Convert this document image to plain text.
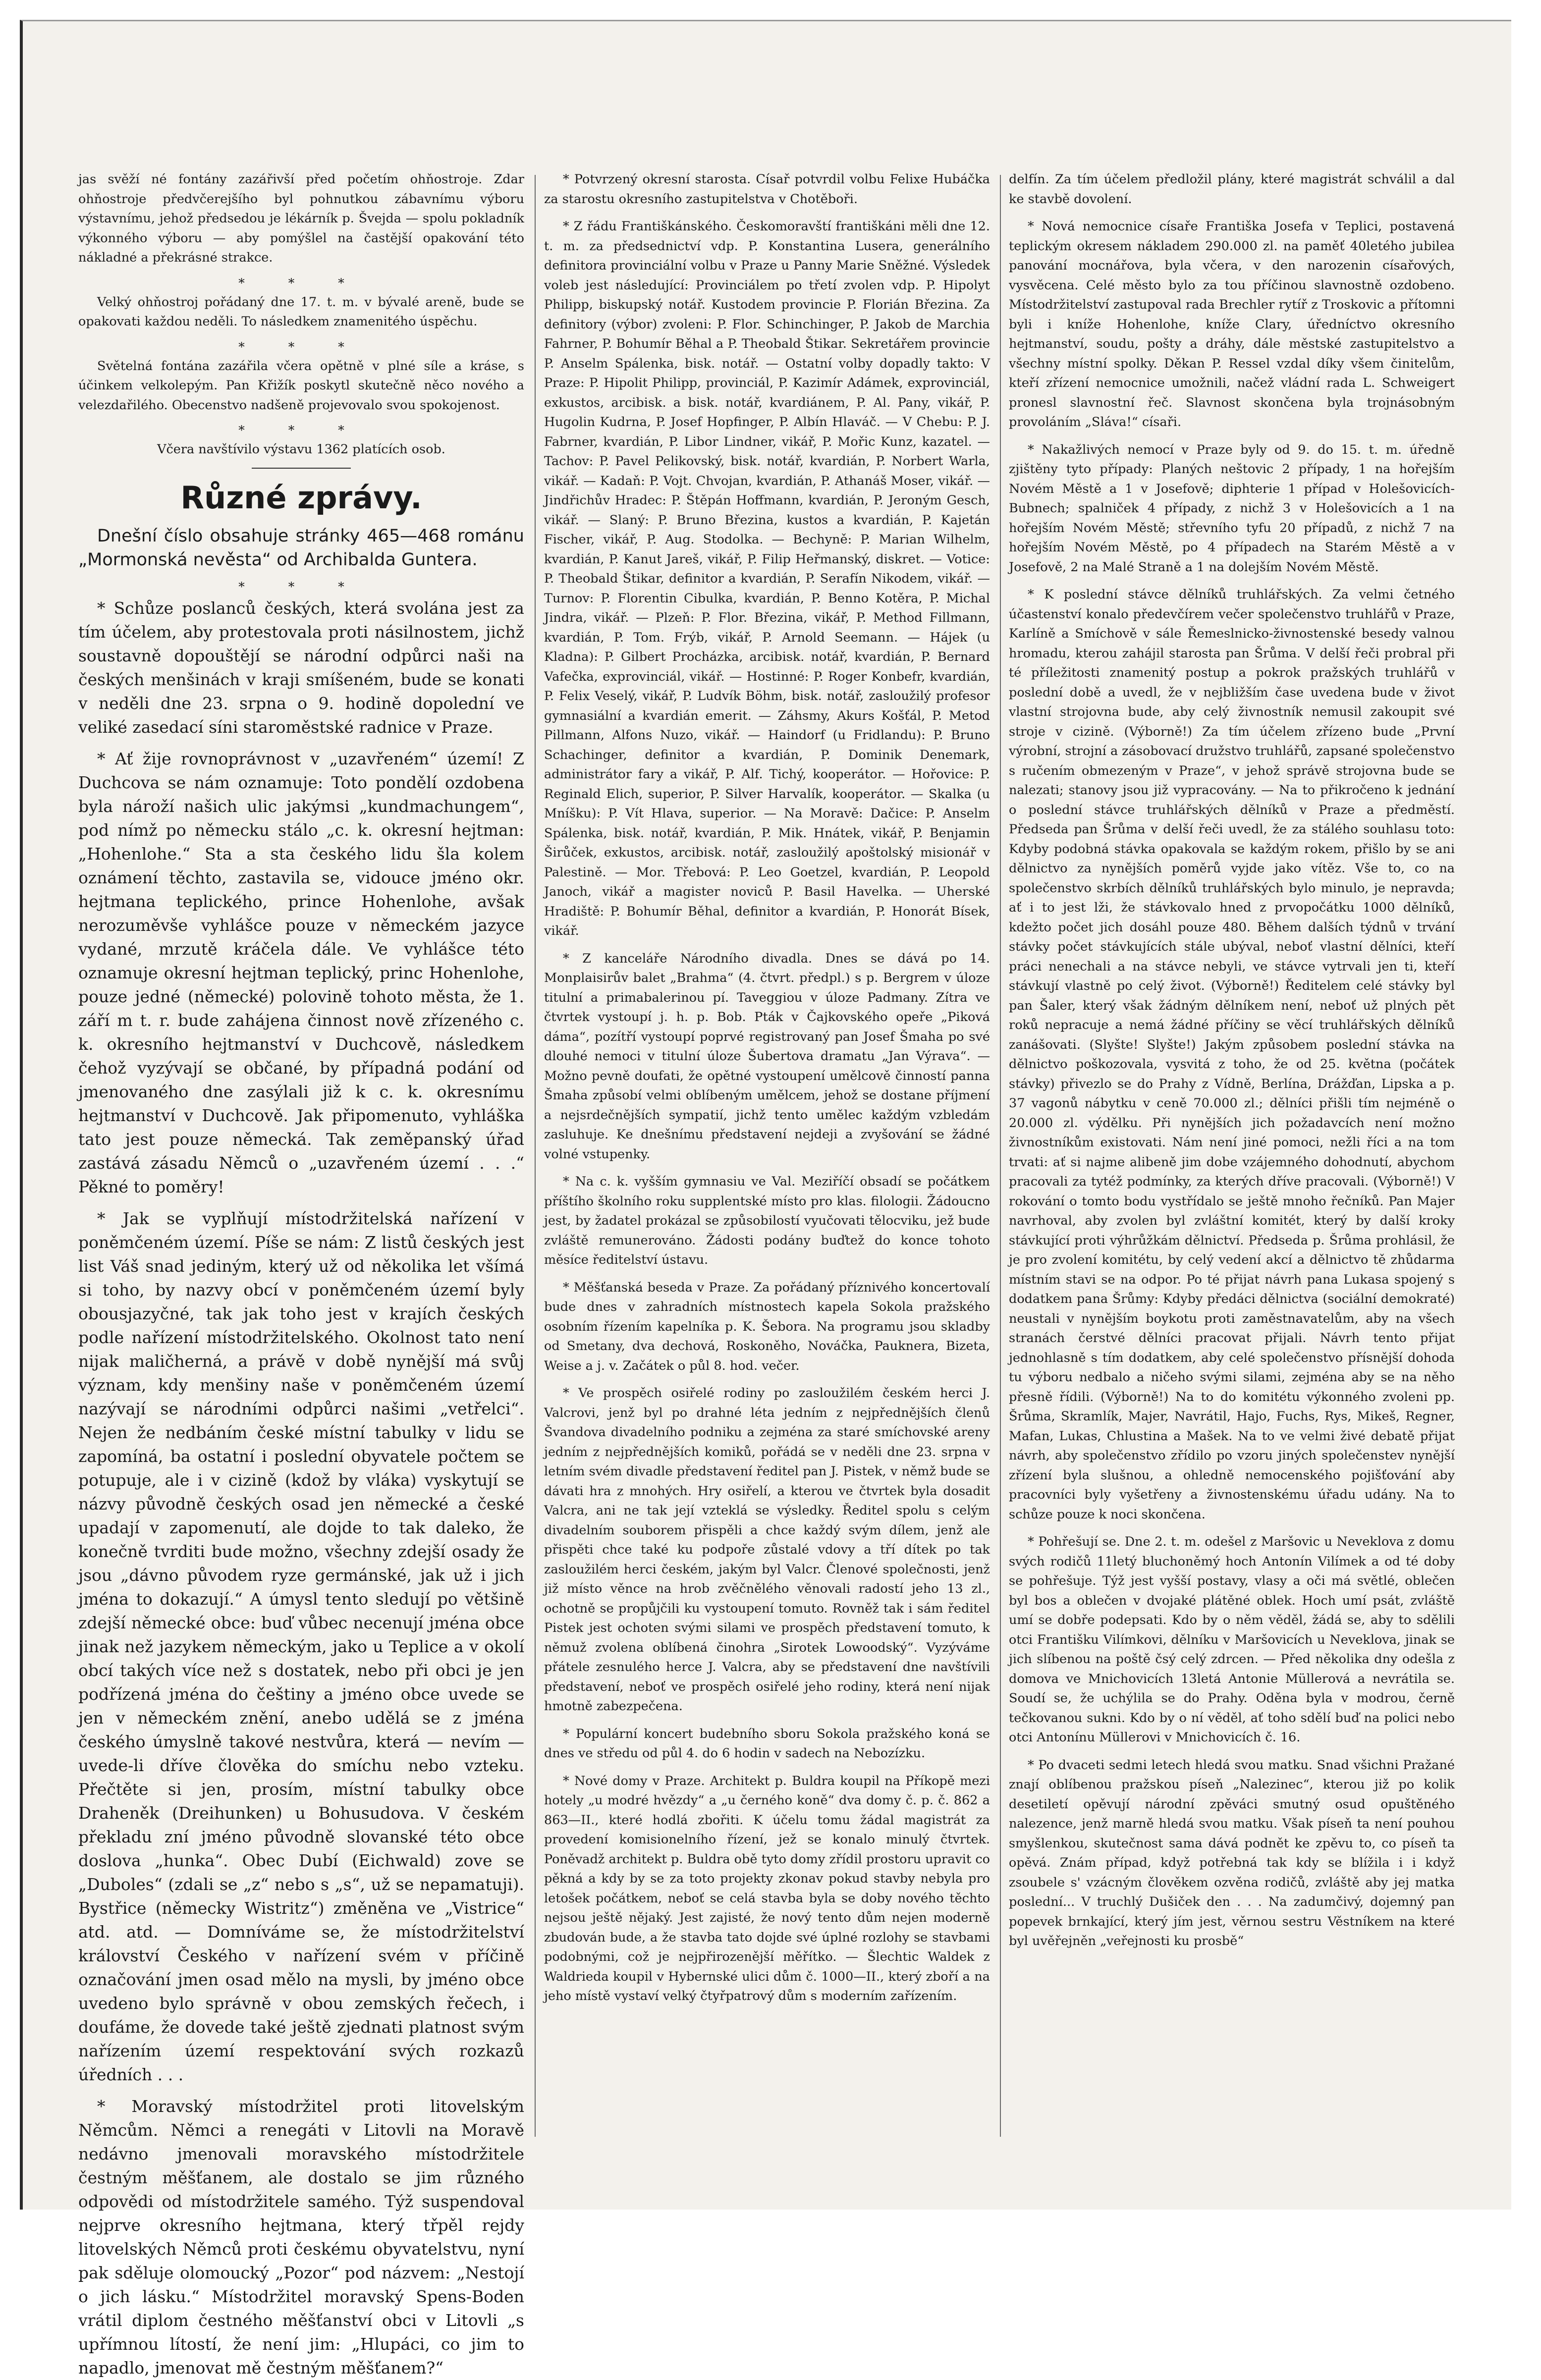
jas svěží né fontány zazářivší před početím ohňostroje. Zdar ohňostroje předvčerejšího byl pohnutkou zábavnímu výboru výstavnímu, jehož předsedou je lékárník p. Švejda — spolu pokladník výkonného výboru — aby pomýšlel na častější opakování této nákladné a překrásné strakce.

* * *

Velký ohňostroj pořádaný dne 17. t. m. v bývalé areně, bude se opakovati každou neděli. To následkem znamenitého úspěchu.

* * *

Světelná fontána zazářila včera opětně v plné síle a kráse, s účinkem velkolepým. Pan Křižík poskytl skutečně něco nového a velezdařilého. Obecenstvo nadšeně projevovalo svou spokojenost.

* * *

Včera navštívilo výstavu 1362 platících osob.

Různé zprávy.

Dnešní číslo obsahuje stránky 465—468 románu „Mormonská nevěsta“ od Archibalda Guntera.

* * *

* Schůze poslanců českých, která svolána jest za tím účelem, aby protestovala proti násilnostem, jichž soustavně dopouštějí se národní odpůrci naši na českých menšinách v kraji smíšeném, bude se konati v neděli dne 23. srpna o 9. hodině dopolední ve veliké zasedací síni staroměstské radnice v Praze.

* Ať žije rovnoprávnost v „uzavřeném“ území! Z Duchcova se nám oznamuje: Toto pondělí ozdobena byla nároží našich ulic jakýmsi „kundmachungem“, pod nímž po německu stálo „c. k. okresní hejtman: „Hohenlohe.“ Sta a sta českého lidu šla kolem oznámení těchto, zastavila se, vidouce jméno okr. hejtmana teplického, prince Hohenlohe, avšak nerozuměvše vyhlášce pouze v německém jazyce vydané, mrzutě kráčela dále. Ve vyhlášce této oznamuje okresní hejtman teplický, princ Hohenlohe, pouze jedné (německé) polovině tohoto města, že 1. září m t. r. bude zahájena činnost nově zřízeného c. k. okresního hejtmanství v Duchcově, následkem čehož vyzývají se občané, by případná podání od jmenovaného dne zasýlali již k c. k. okresnímu hejtmanství v Duchcově. Jak připomenuto, vyhláška tato jest pouze německá. Tak zeměpanský úřad zastává zásadu Němců o „uzavřeném území . . .“ Pěkné to poměry!

* Jak se vyplňují místodržitelská nařízení v poněmčeném území. Píše se nám: Z listů českých jest list Váš snad jediným, který už od několika let všímá si toho, by nazvy obcí v poněmčeném území byly obousjazyčné, tak jak toho jest v krajích českých podle nařízení místodržitelského. Okolnost tato není nijak maličherná, a právě v době nynější má svůj význam, kdy menšiny naše v poněmčeném území nazývají se národními odpůrci našimi „vetřelci“. Nejen že nedbáním české místní tabulky v lidu se zapomíná, ba ostatní i poslední obyvatele počtem se potupuje, ale i v cizině (kdož by vláka) vyskytují se názvy původně českých osad jen německé a české upadají v zapomenutí, ale dojde to tak daleko, že konečně tvrditi bude možno, všechny zdejší osady že jsou „dávno původem ryze germánské, jak už i jich jména to dokazují.“ A úmysl tento sledují po většině zdejší německé obce: buď vůbec necenují jména obce jinak než jazykem německým, jako u Teplice a v okolí obcí takých více než s dostatek, nebo při obci je jen podřízená jména do češtiny a jméno obce uvede se jen v německém znění, anebo udělá se z jména českého úmyslně takové nestvůra, která — nevím — uvede-li dříve člověka do smíchu nebo vzteku. Přečtěte si jen, prosím, místní tabulky obce Draheněk (Dreihunken) u Bohusudova. V českém překladu zní jméno původně slovanské této obce doslova „hunka“. Obec Dubí (Eichwald) zove se „Duboles“ (zdali se „z“ nebo s „s“, už se nepamatuji). Bystřice (německy Wistritz“) změněna ve „Vistrice“ atd. atd. — Domníváme se, že místodržitelství království Českého v nařízení svém v příčině označování jmen osad mělo na mysli, by jméno obce uvedeno bylo správně v obou zemských řečech, i doufáme, že dovede také ještě zjednati platnost svým nařízením území respektování svých rozkazů úředních . . .

* Moravský místodržitel proti litovelským Němcům. Němci a renegáti v Litovli na Moravě nedávno jmenovali moravského místodržitele čestným měšťanem, ale dostalo se jim různého odpovědi od místodržitele samého. Týž suspendoval nejprve okresního hejtmana, který třpěl rejdy litovelských Němců proti českému obyvatelstvu, nyní pak sděluje olomoucký „Pozor“ pod názvem: „Nestojí o jich lásku.“ Místodržitel moravský Spens-Boden vrátil diplom čestného měšťanství obci v Litovli „s upřímnou lítostí, že není jim: „Hlupáci, co jim to napadlo, jmenovat mě čestným měšťanem?“

* Potvrzený okresní starosta. Císař potvrdil volbu Felixe Hubáčka za starostu okresního zastupitelstva v Chotěboři.

* Z řádu Františkánského. Českomoravští františkáni měli dne 12. t. m. za předsednictví vdp. P. Konstantina Lusera, generálního definitora provinciální volbu v Praze u Panny Marie Sněžné. Výsledek voleb jest následující: Provinciálem po třetí zvolen vdp. P. Hipolyt Philipp, biskupský notář. Kustodem provincie P. Florián Březina. Za definitory (výbor) zvoleni: P. Flor. Schinchinger, P. Jakob de Marchia Fahrner, P. Bohumír Běhal a P. Theobald Štikar. Sekretářem provincie P. Anselm Spálenka, bisk. notář. — Ostatní volby dopadly takto: V Praze: P. Hipolit Philipp, provinciál, P. Kazimír Adámek, exprovinciál, exkustos, arcibisk. a bisk. notář, kvardiánem, P. Al. Pany, vikář, P. Hugolin Kudrna, P. Josef Hopfinger, P. Albín Hlaváč. — V Chebu: P. J. Fabrner, kvardián, P. Libor Lindner, vikář, P. Mořic Kunz, kazatel. — Tachov: P. Pavel Pelikovský, bisk. notář, kvardián, P. Norbert Warla, vikář. — Kadaň: P. Vojt. Chvojan, kvardián, P. Athanáš Moser, vikář. — Jindřichův Hradec: P. Štěpán Hoffmann, kvardián, P. Jeroným Gesch, vikář. — Slaný: P. Bruno Březina, kustos a kvardián, P. Kajetán Fischer, vikář, P. Aug. Stodolka. — Bechyně: P. Marian Wilhelm, kvardián, P. Kanut Jareš, vikář, P. Filip Heřmanský, diskret. — Votice: P. Theobald Štikar, definitor a kvardián, P. Serafín Nikodem, vikář. — Turnov: P. Florentin Cibulka, kvardián, P. Benno Kotěra, P. Michal Jindra, vikář. — Plzeň: P. Flor. Březina, vikář, P. Method Fillmann, kvardián, P. Tom. Frýb, vikář, P. Arnold Seemann. — Hájek (u Kladna): P. Gilbert Procházka, arcibisk. notář, kvardián, P. Bernard Vafečka, exprovinciál, vikář. — Hostinné: P. Roger Konbefr, kvardián, P. Felix Veselý, vikář, P. Ludvík Böhm, bisk. notář, zasloužilý profesor gymnasiální a kvardián emerit. — Záhsmy, Akurs Košťál, P. Metod Pillmann, Alfons Nuzo, vikář. — Haindorf (u Fridlandu): P. Bruno Schachinger, definitor a kvardián, P. Dominik Denemark, administrátor fary a vikář, P. Alf. Tichý, kooperátor. — Hořovice: P. Reginald Elich, superior, P. Silver Harvalík, kooperátor. — Skalka (u Mníšku): P. Vít Hlava, superior. — Na Moravě: Dačice: P. Anselm Spálenka, bisk. notář, kvardián, P. Mik. Hnátek, vikář, P. Benjamin Širůček, exkustos, arcibisk. notář, zasloužilý apoštolský misionář v Palestině. — Mor. Třebová: P. Leo Goetzel, kvardián, P. Leopold Janoch, vikář a magister noviců P. Basil Havelka. — Uherské Hradiště: P. Bohumír Běhal, definitor a kvardián, P. Honorát Bísek, vikář.

* Z kanceláře Národního divadla. Dnes se dává po 14. Monplaisirův balet „Brahma“ (4. čtvrt. předpl.) s p. Bergrem v úloze titulní a primabalerinou pí. Taveggiou v úloze Padmany. Zítra ve čtvrtek vystoupí j. h. p. Bob. Pták v Čajkovského opeře „Piková dáma“, pozítří vystoupí poprvé registrovaný pan Josef Šmaha po své dlouhé nemoci v titulní úloze Šubertova dramatu „Jan Výrava“. — Možno pevně doufati, že opětné vystoupení umělcově činností panna Šmaha způsobí velmi oblíbeným umělcem, jehož se dostane příjmení a nejsrdečnějších sympatií, jichž tento umělec každým vzbledám zasluhuje. Ke dnešnímu představení nejdeji a zvyšování se žádné volné vstupenky.

* Na c. k. vyšším gymnasiu ve Val. Meziříčí obsadí se počátkem příštího školního roku supplentské místo pro klas. filologii. Žádoucno jest, by žadatel prokázal se způsobilostí vyučovati tělocviku, jež bude zvláště remunerováno. Žádosti podány buďtež do konce tohoto měsíce ředitelství ústavu.

* Měšťanská beseda v Praze. Za pořádaný příznivého koncertovalí bude dnes v zahradních místnostech kapela Sokola pražského osobním řízením kapelníka p. K. Šebora. Na programu jsou skladby od Smetany, dva dechová, Roskoněho, Nováčka, Pauknera, Bizeta, Weise a j. v. Začátek o půl 8. hod. večer.

* Ve prospěch osiřelé rodiny po zasloužilém českém herci J. Valcrovi, jenž byl po drahné léta jedním z nejpřednějších členů Švandova divadelního podniku a zejména za staré smíchovské areny jedním z nejpřednějších komiků, pořádá se v neděli dne 23. srpna v letním svém divadle představení ředitel pan J. Pistek, v němž bude se dávati hra z mnohých. Hry osiřelí, a kterou ve čtvrtek byla dosadit Valcra, ani ne tak její vzteklá se výsledky. Ředitel spolu s celým divadelním souborem přispěli a chce každý svým dílem, jenž ale přispěti chce také ku podpoře zůstalé vdovy a tří dítek po tak zasloužilém herci českém, jakým byl Valcr. Členové společnosti, jenž již místo věnce na hrob zvěčnělého věnovali radostí jeho 13 zl., ochotně se propůjčili ku vystoupení tomuto. Rovněž tak i sám ředitel Pistek jest ochoten svými silami ve prospěch představení tomuto, k němuž zvolena oblíbená činohra „Sirotek Lowoodský“. Vyzýváme přátele zesnulého herce J. Valcra, aby se představení dne navštívili představení, neboť ve prospěch osiřelé jeho rodiny, která není nijak hmotně zabezpečena.

* Populární koncert budebního sboru Sokola pražského koná se dnes ve středu od půl 4. do 6 hodin v sadech na Nebozízku.

* Nové domy v Praze. Architekt p. Buldra koupil na Příkopě mezi hotely „u modré hvězdy“ a „u černého koně“ dva domy č. p. č. 862 a 863—II., které hodlá zbořiti. K účelu tomu žádal magistrát za provedení komisionelního řízení, jež se konalo minulý čtvrtek. Poněvadž architekt p. Buldra obě tyto domy zřídil prostoru upravit co pěkná a kdy by se za toto projekty zkonav pokud stavby nebyla pro letošek počátkem, neboť se celá stavba byla se doby nového těchto nejsou ještě nějaký. Jest zajisté, že nový tento dům nejen moderně zbudován bude, a že stavba tato dojde své úplné rozlohy se stavbami podobnými, což je nejpřirozenější měřítko. — Šlechtic Waldek z Waldrieda koupil v Hybernské ulici dům č. 1000—II., který zboří a na jeho místě vystaví velký čtyřpatrový dům s moderním zařízením.

delfín. Za tím účelem předložil plány, které magistrát schválil a dal ke stavbě dovolení.

* Nová nemocnice císaře Františka Josefa v Teplici, postavená teplickým okresem nákladem 290.000 zl. na paměť 40letého jubilea panování mocnářova, byla včera, v den narozenin císařových, vysvěcena. Celé město bylo za tou příčinou slavnostně ozdobeno. Místodržitelství zastupoval rada Brechler rytíř z Troskovic a přítomni byli i kníže Hohenlohe, kníže Clary, úředníctvo okresního hejtmanství, soudu, pošty a dráhy, dále městské zastupitelstvo a všechny místní spolky. Děkan P. Ressel vzdal díky všem činitelům, kteří zřízení nemocnice umožnili, načež vládní rada L. Schweigert pronesl slavnostní řeč. Slavnost skončena byla trojnásobným provoláním „Sláva!“ císaři.

* Nakažlivých nemocí v Praze byly od 9. do 15. t. m. úředně zjištěny tyto případy: Planých neštovic 2 případy, 1 na hořejším Novém Městě a 1 v Josefově; diphterie 1 případ v Holešovicích-Bubnech; spalniček 4 případy, z nichž 3 v Holešovicích a 1 na hořejším Novém Městě; střevního tyfu 20 případů, z nichž 7 na hořejším Novém Městě, po 4 případech na Starém Městě a v Josefově, 2 na Malé Straně a 1 na dolejším Novém Městě.

* K poslední stávce dělníků truhlářských. Za velmi četného účastenství konalo předevčírem večer společenstvo truhlářů v Praze, Karlíně a Smíchově v sále Řemeslnicko-živnostenské besedy valnou hromadu, kterou zahájil starosta pan Šrůma. V delší řeči probral při té příležitosti znamenitý postup a pokrok pražských truhlářů v poslední době a uvedl, že v nejbližším čase uvedena bude v život vlastní strojovna bude, aby celý živnostník nemusil zakoupit své stroje v cizině. (Výborně!) Za tím účelem zřízeno bude „První výrobní, strojní a zásobovací družstvo truhlářů, zapsané společenstvo s ručením obmezeným v Praze“, v jehož správě strojovna bude se nalezati; stanovy jsou již vypracovány. — Na to přikročeno k jednání o poslední stávce truhlářských dělníků v Praze a předměstí. Předseda pan Šrůma v delší řeči uvedl, že za stálého souhlasu toto: Kdyby podobná stávka opakovala se každým rokem, přišlo by se ani dělnictvo za nynějších poměrů vyjde jako vítěz. Vše to, co na společenstvo skrbích dělníků truhlářských bylo minulo, je nepravda; ať i to jest lži, že stávkovalo hned z prvopočátku 1000 dělníků, kdežto počet jich dosáhl pouze 480. Během dalších týdnů v trvání stávky počet stávkujících stále ubýval, neboť vlastní dělníci, kteří práci nenechali a na stávce nebyli, ve stávce vytrvali jen ti, kteří stávkují vlastně po celý život. (Výborně!) Ředitelem celé stávky byl pan Šaler, který však žádným dělníkem není, neboť už plných pět roků nepracuje a nemá žádné příčiny se věcí truhlářských dělníků zanášovati. (Slyšte! Slyšte!) Jakým způsobem poslední stávka na dělnictvo poškozovala, vysvitá z toho, že od 25. května (počátek stávky) přivezlo se do Prahy z Vídně, Berlína, Drážďan, Lipska a p. 37 vagonů nábytku v ceně 70.000 zl.; dělníci přišli tím nejméně o 20.000 zl. výdělku. Při nynějších jich požadavcích není možno živnostníkům existovati. Nám není jiné pomoci, nežli říci a na tom trvati: ať si najme alibeně jim dobe vzájemného dohodnutí, abychom pracovali za tytéž podmínky, za kterých dříve pracovali. (Výborně!) V rokování o tomto bodu vystřídalo se ještě mnoho řečníků. Pan Majer navrhoval, aby zvolen byl zvláštní komitét, který by další kroky stávkující proti výhrůžkám dělnictví. Předseda p. Šrůma prohlásil, že je pro zvolení komitétu, by celý vedení akcí a dělnictvo tě zhůdarma místním stavi se na odpor. Po té přijat návrh pana Lukasa spojený s dodatkem pana Šrůmy: Kdyby předáci dělnictva (sociální demokraté) neustali v nynějším boykotu proti zaměstnavatelům, aby na všech stranách čerstvé dělníci pracovat přijali. Návrh tento přijat jednohlasně s tím dodatkem, aby celé společenstvo přísnější dohoda tu výboru nedbalo a ničeho svými silami, zejména aby se na něho přesně řídili. (Výborně!) Na to do komitétu výkonného zvoleni pp. Šrůma, Skramlík, Majer, Navrátil, Hajo, Fuchs, Rys, Mikeš, Regner, Mafan, Lukas, Chlustina a Mašek. Na to ve velmi živé debatě přijat návrh, aby společenstvo zřídilo po vzoru jiných společenstev nynější zřízení byla slušnou, a ohledně nemocenského pojišťování aby pracovníci byly vyšetřeny a živnostenskému úřadu udány. Na to schůze pouze k noci skončena.

* Pohřešují se. Dne 2. t. m. odešel z Maršovic u Neveklova z domu svých rodičů 11letý bluchoněmý hoch Antonín Vilímek a od té doby se pohřešuje. Týž jest vyšší postavy, vlasy a oči má světlé, oblečen byl bos a oblečen v dvojaké plátěné oblek. Hoch umí psát, zvláště umí se dobře podepsati. Kdo by o něm věděl, žádá se, aby to sdělili otci Františku Vilímkovi, dělníku v Maršovicích u Neveklova, jinak se jich slíbenou na poště čsý celý zdrcen. — Před několika dny odešla z domova ve Mnichovicích 13letá Antonie Müllerová a nevrátila se. Soudí se, že uchýlila se do Prahy. Oděna byla v modrou, černě tečkovanou sukni. Kdo by o ní věděl, ať toho sdělí buď na polici nebo otci Antonínu Müllerovi v Mnichovicích č. 16.

* Po dvaceti sedmi letech hledá svou matku. Snad všichni Pražané znají oblíbenou pražskou píseň „Nalezinec“, kterou již po kolik desetiletí opěvují národní zpěváci smutný osud opuštěného nalezence, jenž marně hledá svou matku. Však píseň ta není pouhou smyšlenkou, skutečnost sama dává podnět ke zpěvu to, co píseň ta opěvá. Znám případ, když potřebná tak kdy se blížila i i když zsoubele s' vzácným člověkem ozvěna rodičů, zvláště aby jej matka poslední... V truchlý Dušiček den . . . Na zadumčivý, dojemný pan popevek brnkající, který jím jest, věrnou sestru Věstníkem na které byl uvěřejněn „veřejnosti ku prosbě“
